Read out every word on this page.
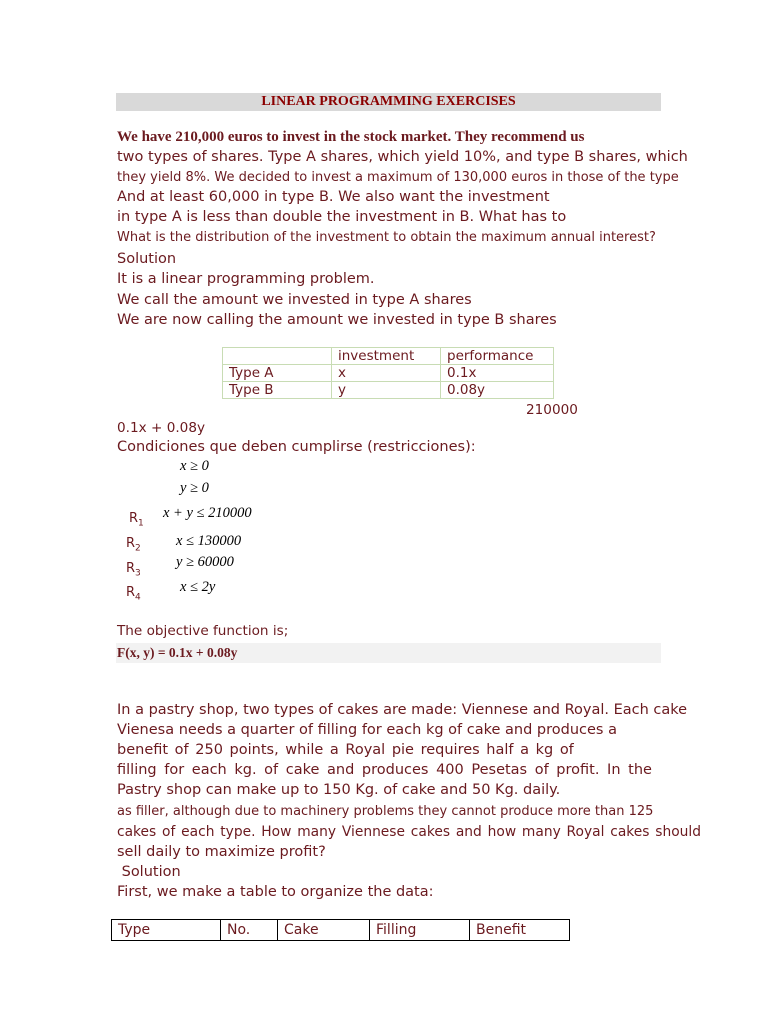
LINEAR PROGRAMMING EXERCISES
We have 210,000 euros to invest in the stock market. They recommend us
two types of shares. Type A shares, which yield 10%, and type B shares, which
they yield 8%. We decided to invest a maximum of 130,000 euros in those of the type
And at least 60,000 in type B. We also want the investment
in type A is less than double the investment in B. What has to
What is the distribution of the investment to obtain the maximum annual interest?
Solution
It is a linear programming problem.
We call the amount we invested in type A shares
We are now calling the amount we invested in type B shares
	investment	performance
Type A	x	0.1x
Type B	y	0.08y
210000
0.1x + 0.08y
Condiciones que deben cumplirse (restricciones):
x ≥ 0
y ≥ 0
$R_1$
x + y ≤ 210000
$R_2$ x ≤ 130000
$R_3$
y ≥ 60000
$R_4$
x ≤ 2y
The objective function is;
F(x, y) = 0.1x + 0.08y
In a pastry shop, two types of cakes are made: Viennese and Royal. Each cake
Vienesa needs a quarter of filling for each kg of cake and produces a
benefit of 250 points, while a Royal pie requires half a kg of
filling for each kg. of cake and produces 400 Pesetas of profit. In the
Pastry shop can make up to 150 Kg. of cake and 50 Kg. daily.
as filler, although due to machinery problems they cannot produce more than 125
cakes of each type. How many Viennese cakes and how many Royal cakes should
sell daily to maximize profit?
Solution
First, we make a table to organize the data:
Type	No.	Cake	Filling	Benefit
